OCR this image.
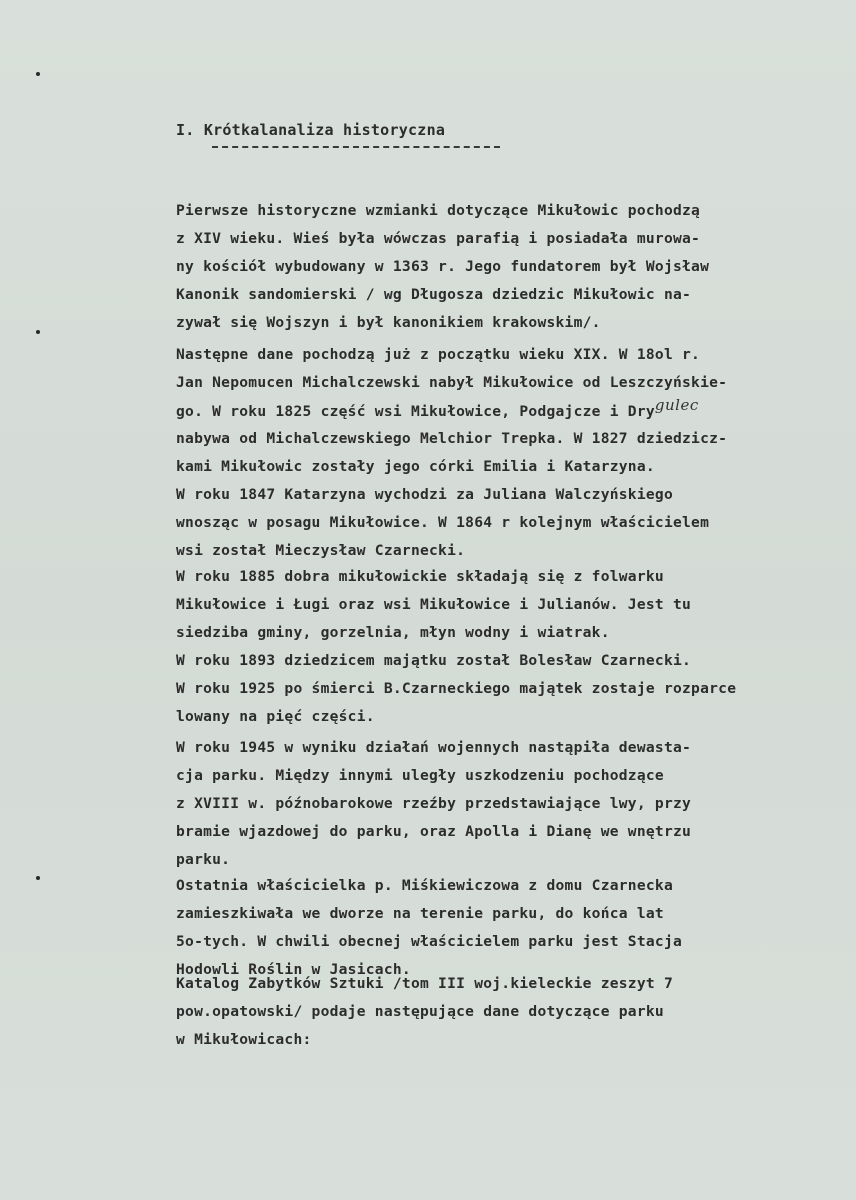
I. Krótkalanaliza historyczna
Pierwsze historyczne wzmianki dotyczące Mikułowic pochodzą
z XIV wieku. Wieś była wówczas parafią i posiadała murowa-
ny kościół wybudowany w 1363 r. Jego fundatorem był Wojsław
Kanonik sandomierski / wg Długosza dziedzic Mikułowic na-
zywał się Wojszyn i był kanonikiem krakowskim/.
Następne dane pochodzą już z początku wieku XIX. W 18ol r.
Jan Nepomucen Michalczewski nabył Mikułowice od Leszczyńskie-
go. W roku 1825 część wsi Mikułowice, Podgajcze i Drygulec
nabywa od Michalczewskiego Melchior Trepka. W 1827 dziedzicz-
kami Mikułowic zostały jego córki Emilia i Katarzyna.
W roku 1847 Katarzyna wychodzi za Juliana Walczyńskiego
wnosząc w posagu Mikułowice. W 1864 r kolejnym właścicielem
wsi został Mieczysław Czarnecki.
W roku 1885 dobra mikułowickie składają się z folwarku
Mikułowice i Ługi oraz wsi Mikułowice i Julianów. Jest tu
siedziba gminy, gorzelnia, młyn wodny i wiatrak.
W roku 1893 dziedzicem majątku został Bolesław Czarnecki.
W roku 1925 po śmierci B.Czarneckiego majątek zostaje rozparce
lowany na pięć części.
W roku 1945 w wyniku działań wojennych nastąpiła dewasta-
cja parku. Między innymi uległy uszkodzeniu pochodzące
z XVIII w. późnobarokowe rzeźby przedstawiające lwy, przy
bramie wjazdowej do parku, oraz Apolla i Dianę we wnętrzu
parku.
Ostatnia właścicielka p. Miśkiewiczowa z domu Czarnecka
zamieszkiwała we dworze na terenie parku, do końca lat
5o-tych. W chwili obecnej właścicielem parku jest Stacja
Hodowli Roślin w Jasicach.
Katalog Zabytków Sztuki /tom III woj.kieleckie zeszyt 7
pow.opatowski/ podaje następujące dane dotyczące parku
w Mikułowicach:
